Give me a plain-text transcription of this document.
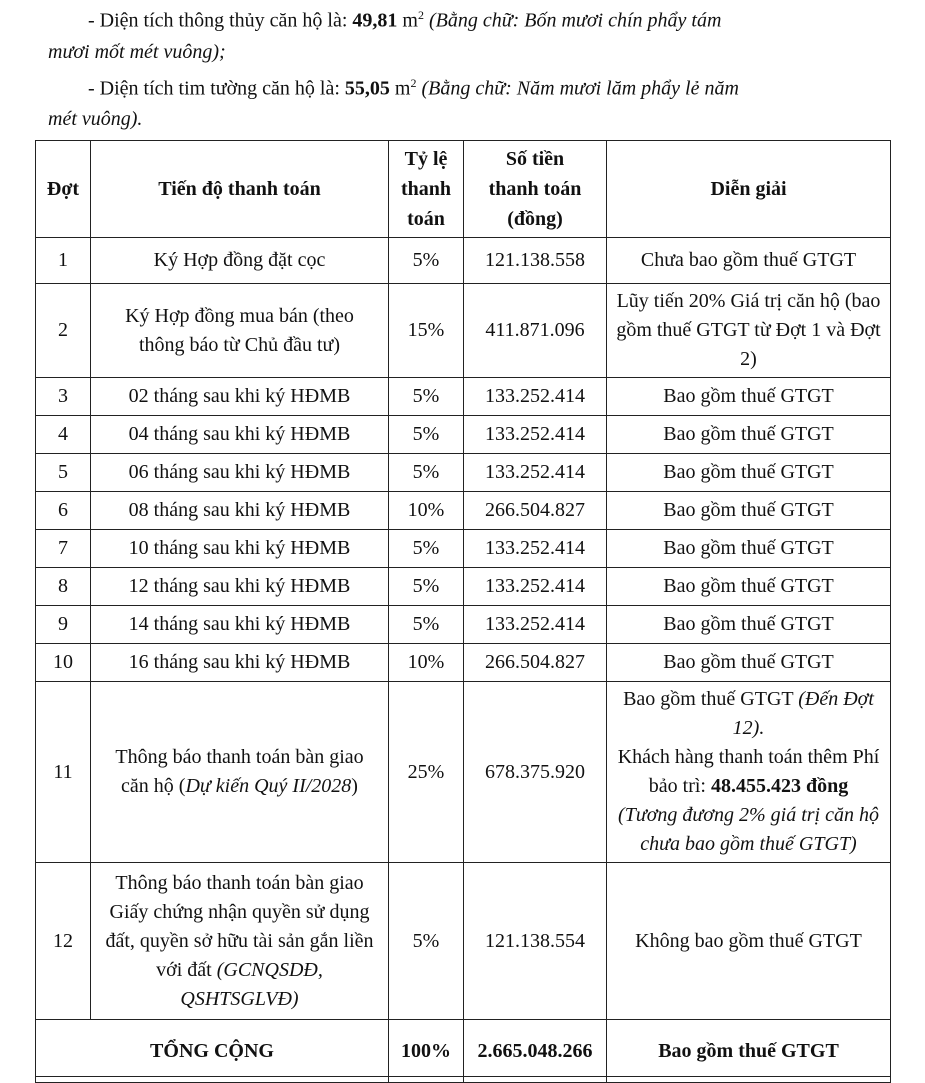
- Diện tích thông thủy căn hộ là: 49,81 $m^2$ (Bằng chữ: Bốn mươi chín phẩy tám

mươi mốt mét vuông);

- Diện tích tim tường căn hộ là: 55,05 $m^2$ (Bằng chữ: Năm mươi lăm phẩy lẻ năm

mét vuông).

Đợt	Tiến độ thanh toán	Tỷ lệ
thanh
toán	Số tiền
thanh toán
(đồng)	Diễn giải
1	Ký Hợp đồng đặt cọc	5%	121.138.558	Chưa bao gồm thuế GTGT
2	Ký Hợp đồng mua bán (theo thông báo từ Chủ đầu tư)	15%	411.871.096	Lũy tiến 20% Giá trị căn hộ (bao gồm thuế GTGT từ Đợt 1 và Đợt 2)
3	02 tháng sau khi ký HĐMB	5%	133.252.414	Bao gồm thuế GTGT
4	04 tháng sau khi ký HĐMB	5%	133.252.414	Bao gồm thuế GTGT
5	06 tháng sau khi ký HĐMB	5%	133.252.414	Bao gồm thuế GTGT
6	08 tháng sau khi ký HĐMB	10%	266.504.827	Bao gồm thuế GTGT
7	10 tháng sau khi ký HĐMB	5%	133.252.414	Bao gồm thuế GTGT
8	12 tháng sau khi ký HĐMB	5%	133.252.414	Bao gồm thuế GTGT
9	14 tháng sau khi ký HĐMB	5%	133.252.414	Bao gồm thuế GTGT
10	16 tháng sau khi ký HĐMB	10%	266.504.827	Bao gồm thuế GTGT
11	Thông báo thanh toán bàn giao căn hộ (Dự kiến Quý II/2028)	25%	678.375.920	Bao gồm thuế GTGT (Đến Đợt 12).
Khách hàng thanh toán thêm Phí bảo trì: 48.455.423 đồng
(Tương đương 2% giá trị căn hộ chưa bao gồm thuế GTGT)
12	Thông báo thanh toán bàn giao Giấy chứng nhận quyền sử dụng đất, quyền sở hữu tài sản gắn liền với đất (GCNQSDĐ, QSHTSGLVĐ)	5%	121.138.554	Không bao gồm thuế GTGT
TỔNG CỘNG		100%	2.665.048.266	Bao gồm thuế GTGT
